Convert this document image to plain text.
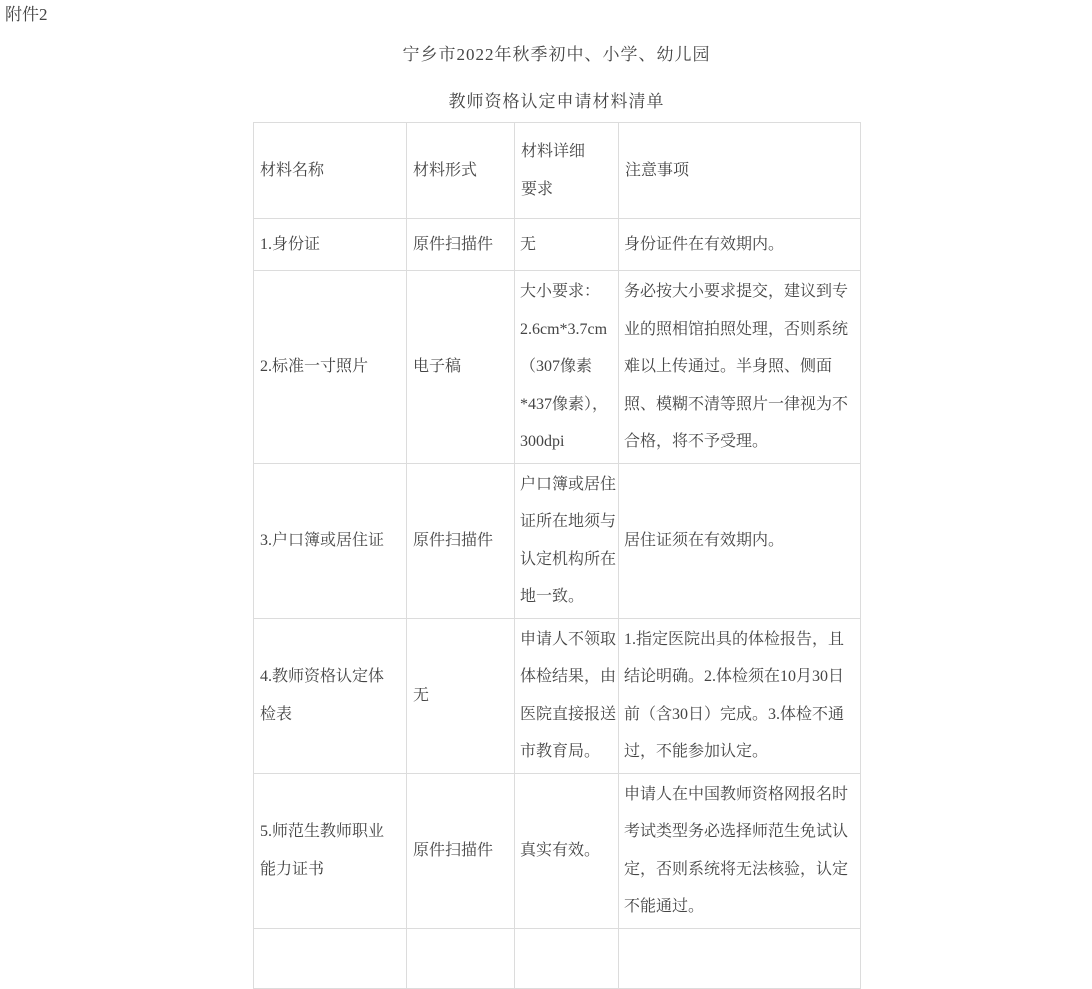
附件2
宁乡市2022年秋季初中、小学、幼儿园
教师资格认定申请材料清单
材料名称	材料形式	材料详细要求	注意事项
1.身份证	原件扫描件	无	身份证件在有效期内。
2.标准一寸照片	电子稿	大小要求：2.6cm*3.7cm（307像素*437像素），300dpi	务必按大小要求提交，建议到专业的照相馆拍照处理，否则系统难以上传通过。半身照、侧面照、模糊不清等照片一律视为不合格，将不予受理。
3.户口簿或居住证	原件扫描件	户口簿或居住证所在地须与认定机构所在地一致。	居住证须在有效期内。
4.教师资格认定体检表	无	申请人不领取体检结果，由医院直接报送市教育局。	1.指定医院出具的体检报告，且结论明确。2.体检须在10月30日前（含30日）完成。3.体检不通过，不能参加认定。
5.师范生教师职业能力证书	原件扫描件	真实有效。	申请人在中国教师资格网报名时考试类型务必选择师范生免试认定，否则系统将无法核验，认定不能通过。
